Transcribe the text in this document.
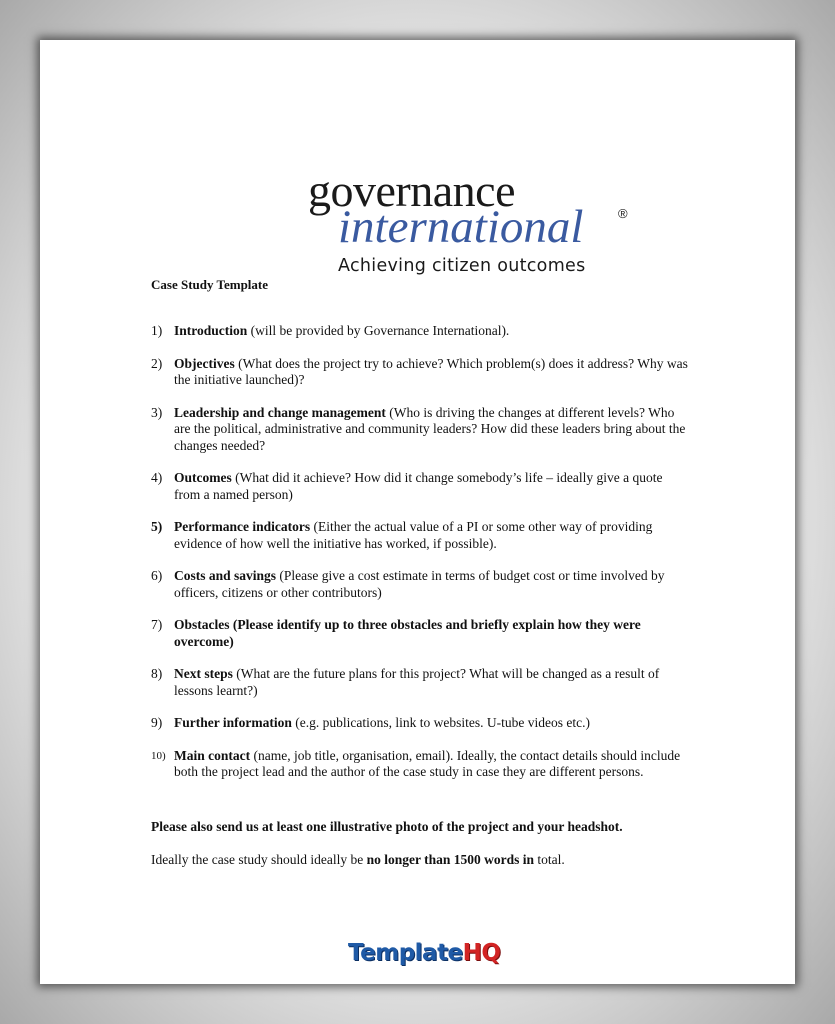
governance
international	®
Achieving citizen outcomes
Case Study Template
1) Introduction (will be provided by Governance International).
2) Objectives (What does the project try to achieve? Which problem(s) does it address? Why was the initiative launched)?
3) Leadership and change management (Who is driving the changes at different levels? Who are the political, administrative and community leaders? How did these leaders bring about the changes needed?
4) Outcomes (What did it achieve? How did it change somebody’s life – ideally give a quote from a named person)
5) Performance indicators (Either the actual value of a PI or some other way of providing evidence of how well the initiative has worked, if possible).
6) Costs and savings (Please give a cost estimate in terms of budget cost or time involved by officers, citizens or other contributors)
7) Obstacles (Please identify up to three obstacles and briefly explain how they were overcome)
8) Next steps (What are the future plans for this project? What will be changed as a result of lessons learnt?)
9) Further information (e.g. publications, link to websites. U-tube videos etc.)
10) Main contact (name, job title, organisation, email). Ideally, the contact details should include both the project lead and the author of the case study in case they are different persons.
Please also send us at least one illustrative photo of the project and your headshot.
Ideally the case study should ideally be no longer than 1500 words in total.
TemplateHQ
